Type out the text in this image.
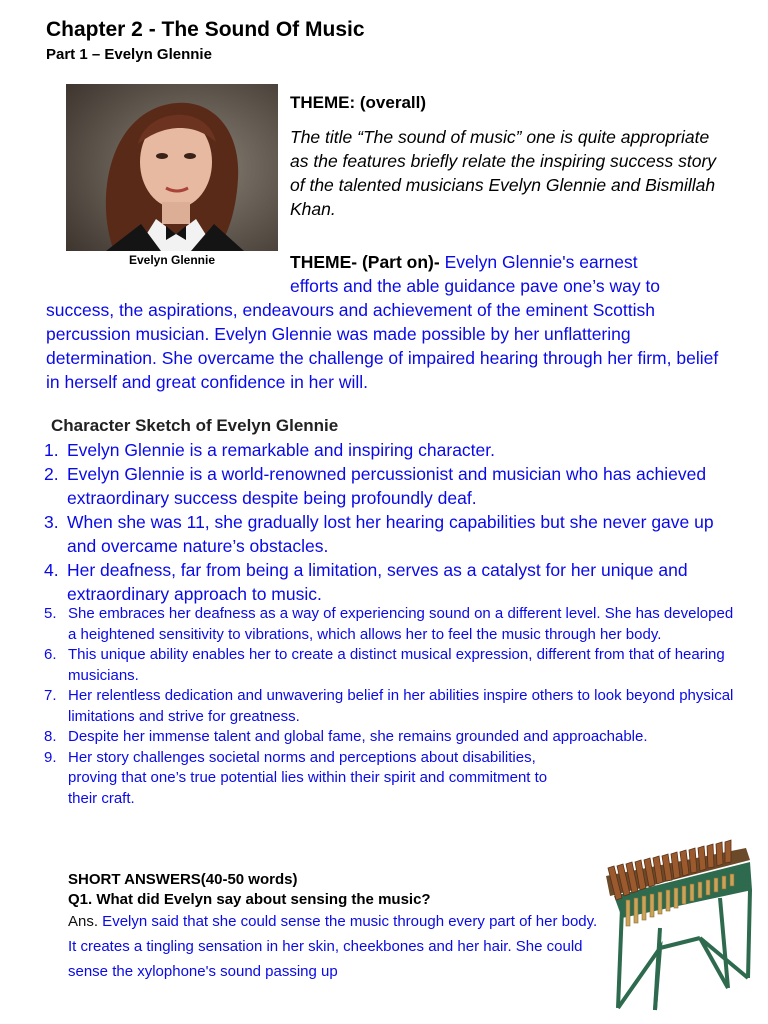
Chapter 2 - The Sound Of Music
Part 1 – Evelyn Glennie
Evelyn Glennie
THEME: (overall)
The title “The sound of music” one is quite appropriate as the features briefly relate the inspiring success story of the talented musicians Evelyn Glennie and Bismillah Khan.
THEME- (Part on)- Evelyn Glennie's earnest
efforts and the able guidance pave one’s way to
success, the aspirations, endeavours and achievement of the eminent Scottish percussion musician. Evelyn Glennie was made possible by her unflattering determination. She overcame the challenge of impaired hearing through her firm, belief in herself and great confidence in her will.
Character Sketch of Evelyn Glennie
1. Evelyn Glennie is a remarkable and inspiring character.
2. Evelyn Glennie is a world-renowned percussionist and musician who has achieved extraordinary success despite being profoundly deaf.
3. When she was 11, she gradually lost her hearing capabilities but she never gave up and overcame nature’s obstacles.
4. Her deafness, far from being a limitation, serves as a catalyst for her unique and extraordinary approach to music.
5. She embraces her deafness as a way of experiencing sound on a different level. She has developed a heightened sensitivity to vibrations, which allows her to feel the music through her body.
6. This unique ability enables her to create a distinct musical expression, different from that of hearing musicians.
7. Her relentless dedication and unwavering belief in her abilities inspire others to look beyond physical limitations and strive for greatness.
8. Despite her immense talent and global fame, she remains grounded and approachable.
9. Her story challenges societal norms and perceptions about disabilities, proving that one’s true potential lies within their spirit and commitment to their craft.
SHORT ANSWERS(40-50 words)
Q1. What did Evelyn say about sensing the music?
Ans. Evelyn said that she could sense the music through every part of her body. It creates a tingling sensation in her skin, cheekbones and her hair. She could sense the xylophone's sound passing up
